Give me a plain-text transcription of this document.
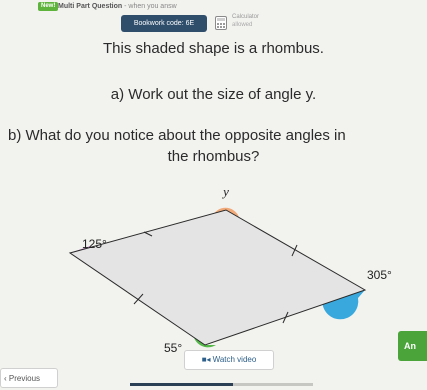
New! Multi Part Question - when you answ
Bookwork code: 6E
Calculator
allowed
This shaded shape is a rhombus.
a) Work out the size of angle y.
b) What do you notice about the opposite angles in
the rhombus?
y
125°
305°
55°	An
■◂ Watch video
‹ Previous
